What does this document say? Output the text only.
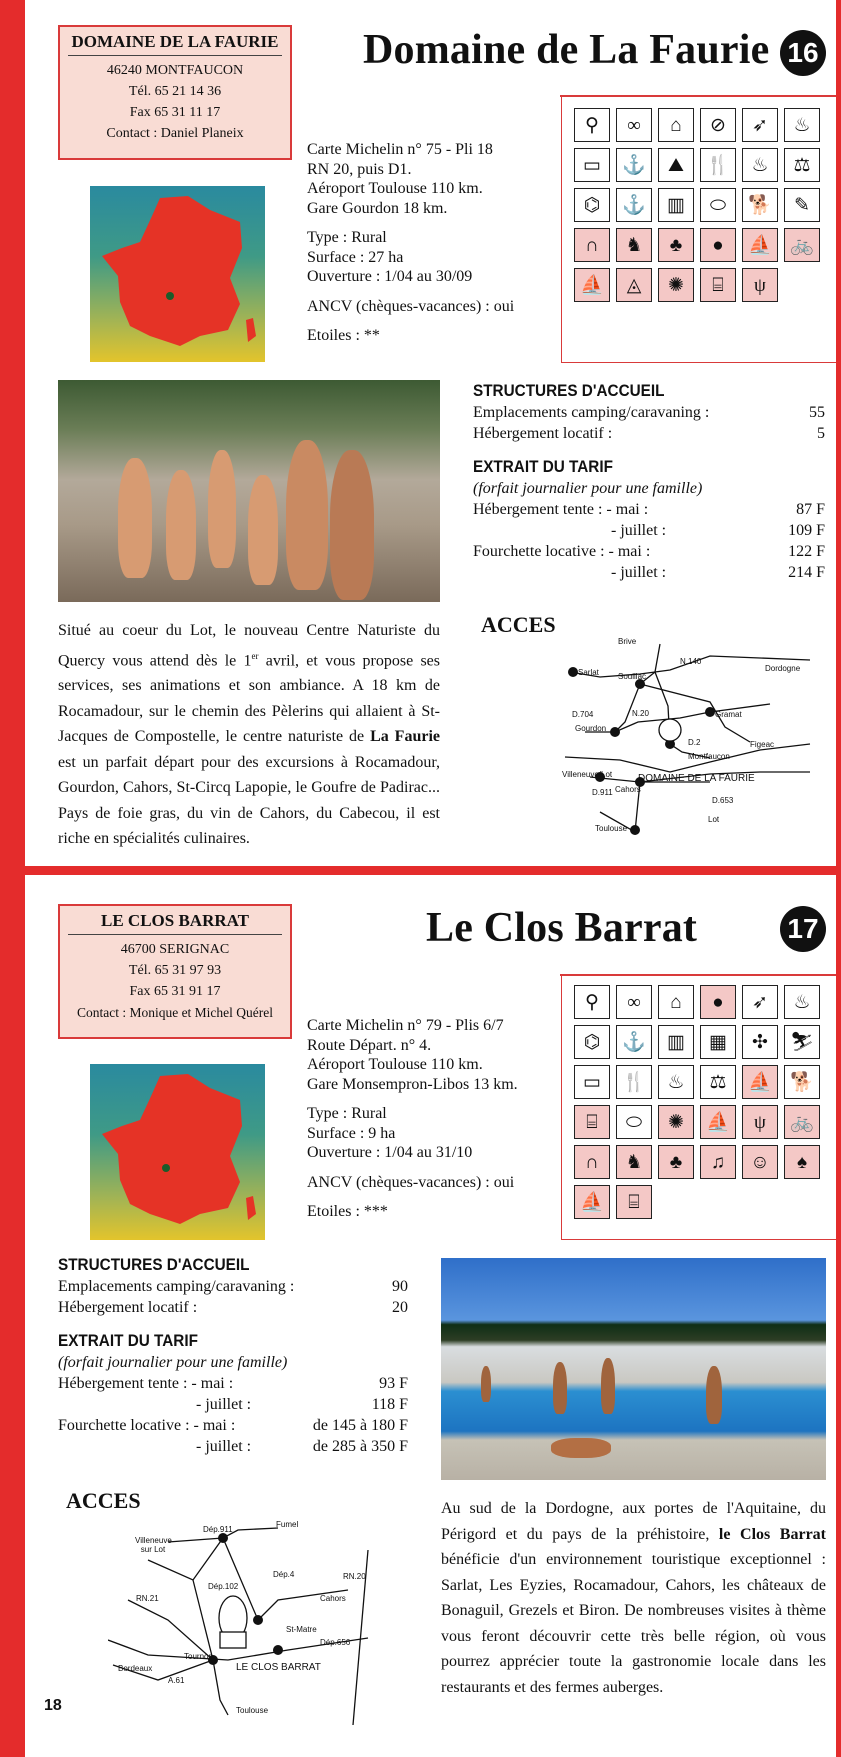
DOMAINE DE LA FAURIE
46240 MONTFAUCON
Tél. 65 21 14 36
Fax 65 31 11 17
Contact : Daniel Planeix
Domaine de La Faurie 16
Carte Michelin n° 75 - Pli 18
RN 20, puis D1.
Aéroport Toulouse 110 km.
Gare Gourdon 18 km.
Type : Rural
Surface : 27 ha
Ouverture : 1/04 au 30/09
ANCV (chèques-vacances) : oui
Etoiles : **
⚲	∞	⌂	⊘	➶	♨
▭	⚓	⛰	🍴	♨	⚖
⌬	⚓	▥	⬭	🐕	✎
∩	♞	♣	●	⛵ 🚲
⛵	◬	✺	⌸	ψ
STRUCTURES D'ACCUEIL
Emplacements camping/caravaning :	55
Hébergement locatif :	5
EXTRAIT DU TARIF
(forfait journalier pour une famille)
Hébergement tente : - mai :	87 F
- juillet :	109 F
Fourchette locative : - mai :	122 F
- juillet :	214 F
Situé au coeur du Lot, le nouveau Centre Naturiste du Quercy vous attend dès le 1er avril, et vous propose ses services, ses animations et son ambiance. A 18 km de Rocamadour, sur le chemin des Pèlerins qui allaient à St-Jacques de Compostelle, le centre naturiste de La Faurie est un parfait départ pour des excursions à Rocamadour, Gourdon, Cahors, St-Circq Lapopie, le Goufre de Padirac... Pays de foie gras, du vin de Cahors, du Cabecou, il est riche en spécialités culinaires.
ACCES
Brive
N.140
Dordogne
Sarlat Souillac
D.704	N.20	Gramat
Gourdon
D.2	Figeac
Montfaucon
Villeneuve/Lot	DOMAINE DE LA FAURIE
D.911 Cahors
D.653
Lot
Toulouse
LE CLOS BARRAT
46700 SERIGNAC
Tél. 65 31 97 93
Fax 65 31 91 17
Contact : Monique et Michel Quérel
Le Clos Barrat	17
Carte Michelin n° 79 - Plis 6/7
Route Départ. n° 4.
Aéroport Toulouse 110 km.
Gare Monsempron-Libos 13 km.
Type : Rural
Surface : 9 ha
Ouverture : 1/04 au 31/10
ANCV (chèques-vacances) : oui
Etoiles : ***
⚲	∞	⌂	●	➶	♨
⌬	⚓	▥	▦	✣	⛷
▭	🍴	♨	⚖	⛵ 🐕
⌸	⬭	✺	⛵	ψ	🚲
∩	♞	♣	♫	☺	♠
⛵	⌸
STRUCTURES D'ACCUEIL
Emplacements camping/caravaning :	90
Hébergement locatif :	20
EXTRAIT DU TARIF
(forfait journalier pour une famille)
Hébergement tente : - mai :	93 F
- juillet :	118 F
Fourchette locative : - mai :	de 145 à 180 F
- juillet :	de 285 à 350 F
ACCES
Fumel
Dép.911
Villeneuve sur Lot
Dép.4	RN.20
Dép.102
Cahors
RN.21
St-Matre
Dép.656
Tournon
Bordeaux
A.61
LE CLOS BARRAT
Toulouse
Au sud de la Dordogne, aux portes de l'Aquitaine, du Périgord et du pays de la préhistoire, le Clos Barrat bénéficie d'un environnement touristique exceptionnel : Sarlat, Les Eyzies, Rocamadour, Cahors, les châteaux de Bonaguil, Grezels et Biron. De nombreuses visites à thème vous feront découvrir cette très belle région, où vous pourrez apprécier toute la gastronomie locale dans les restaurants et des fermes auberges.
18
